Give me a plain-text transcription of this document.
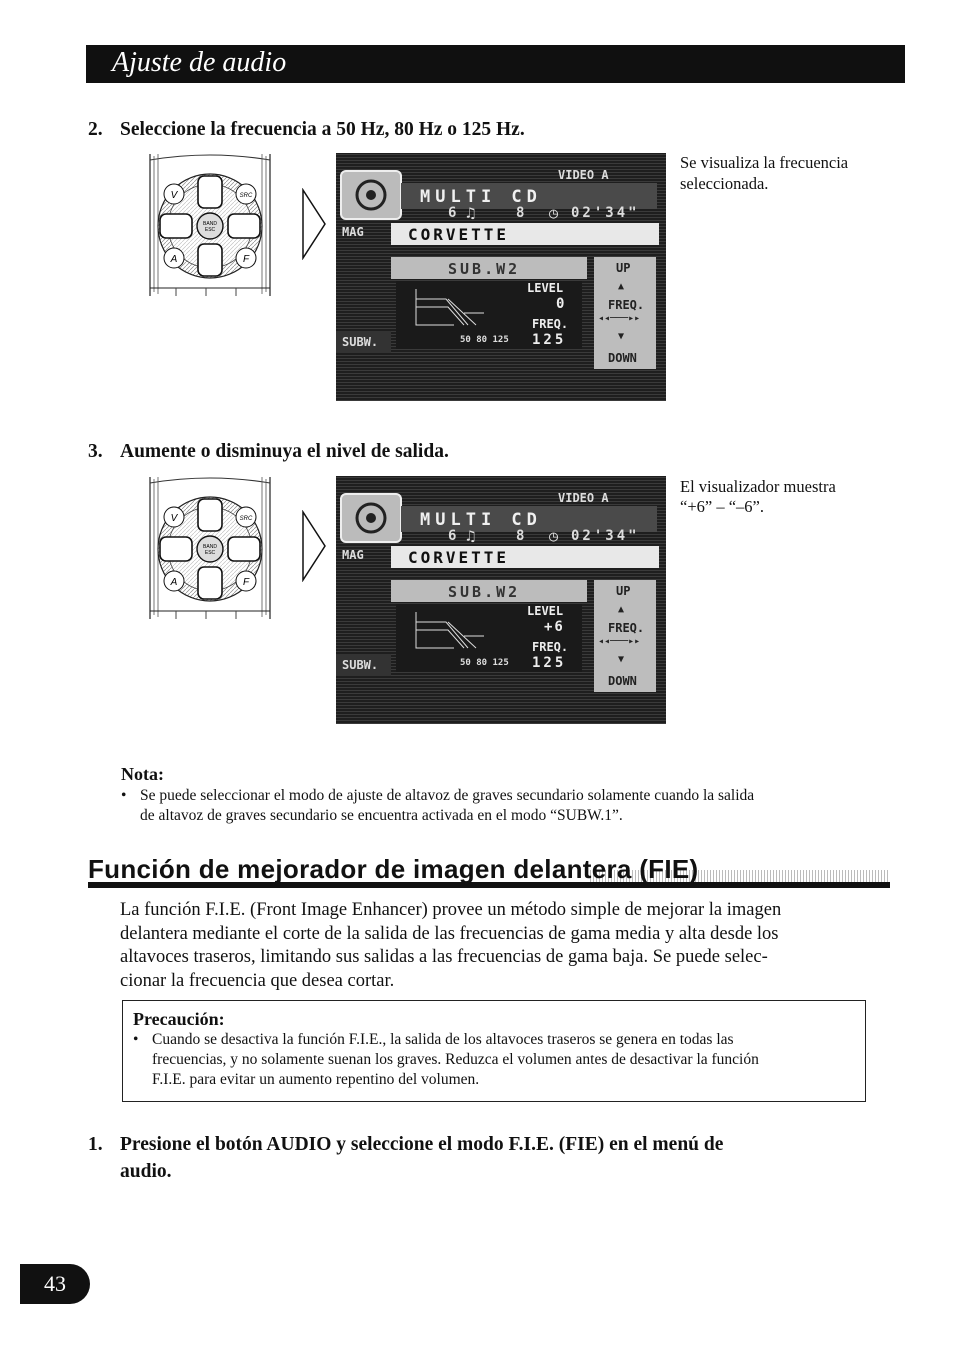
Ajuste de audio
2. Seleccione la frecuencia a 50 Hz, 80 Hz o 125 Hz.
V	SRC
A	F
BAND
ESC
VIDEO A
MULTI CD
6 ♫	8 ◷ 02'34"
MAG	CORVETTE
SUB.W2
LEVEL
0
FREQ.
125
50 80 125
SUBW.
UP
▲
FREQ.
◂◂───▸▸
▼
DOWN
Se visualiza la frecuencia
seleccionada.
3. Aumente o disminuya el nivel de salida.
V	SRC
A	F
BAND
ESC
VIDEO A
MULTI CD
6 ♫	8 ◷ 02'34"
MAG	CORVETTE
SUB.W2
LEVEL
+6
FREQ.
125
50 80 125
SUBW.
UP
▲
FREQ.
◂◂───▸▸
▼
DOWN
El visualizador muestra
“+6” – “–6”.
Nota:
• Se puede seleccionar el modo de ajuste de altavoz de graves secundario solamente cuando la salida
de altavoz de graves secundario se encuentra activada en el modo “SUBW.1”.
Función de mejorador de imagen delantera (FIE)
La función F.I.E. (Front Image Enhancer) provee un método simple de mejorar la imagen
delantera mediante el corte de la salida de las frecuencias de gama media y alta desde los
altavoces traseros, limitando sus salidas a las frecuencias de gama baja. Se puede selec-
cionar la frecuencia que desea cortar.
Precaución:
• Cuando se desactiva la función F.I.E., la salida de los altavoces traseros se genera en todas las
frecuencias, y no solamente suenan los graves. Reduzca el volumen antes de desactivar la función
F.I.E. para evitar un aumento repentino del volumen.
1. Presione el botón AUDIO y seleccione el modo F.I.E. (FIE) en el menú de
audio.
43
